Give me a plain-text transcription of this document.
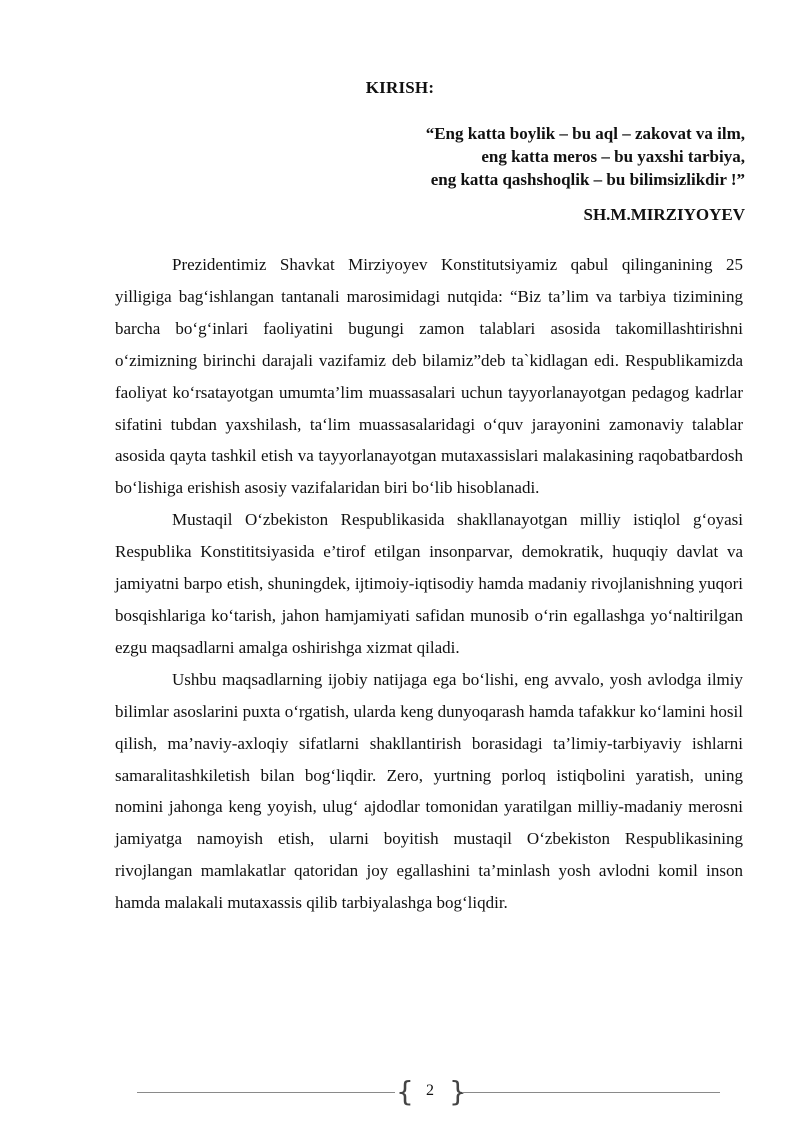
KIRISH:
“Eng katta boylik – bu aql – zakovat va ilm,
eng katta meros – bu yaxshi tarbiya,
eng katta qashshoqlik – bu bilimsizlikdir !”
SH.M.MIRZIYOYEV

Prezidentimiz Shavkat Mirziyoyev Konstitutsiyamiz qabul qilinganining 25 yilligiga bag‘ishlangan tantanali marosimidagi nutqida: “Biz ta’lim va tarbiya tizimining barcha bo‘g‘inlari faoliyatini bugungi zamon talablari asosida takomillashtirishni o‘zimizning birinchi darajali vazifamiz deb bilamiz”deb ta`kidlagan edi. Respublikamizda faoliyat ko‘rsatayotgan umumta’lim muassasalari uchun tayyorlanayotgan pedagog kadrlar sifatini tubdan yaxshilash, ta‘lim muassasalaridagi o‘quv jarayonini zamonaviy talablar asosida qayta tashkil etish va tayyorlanayotgan mutaxassislari malakasining raqobatbardosh bo‘lishiga erishish asosiy vazifalaridan biri bo‘lib hisoblanadi.

Mustaqil O‘zbekiston Respublikasida shakllanayotgan milliy istiqlol g‘oyasi Respublika Konstititsiyasida e’tirof etilgan insonparvar, demokratik, huquqiy davlat va jamiyatni barpo etish, shuningdek, ijtimoiy-iqtisodiy hamda madaniy rivojlanishning yuqori bosqishlariga ko‘tarish, jahon hamjamiyati safidan munosib o‘rin egallashga yo‘naltirilgan ezgu maqsadlarni amalga oshirishga xizmat qiladi.

Ushbu maqsadlarning ijobiy natijaga ega bo‘lishi, eng avvalo, yosh avlodga ilmiy bilimlar asoslarini puxta o‘rgatish, ularda keng dunyoqarash hamda tafakkur ko‘lamini hosil qilish, ma’naviy-axloqiy sifatlarni shakllantirish borasidagi ta’limiy-tarbiyaviy ishlarni samaralitashkiletish bilan bog‘liqdir. Zero, yurtning porloq istiqbolini yaratish, uning nomini jahonga keng yoyish, ulug‘ ajdodlar tomonidan yaratilgan milliy-madaniy merosni jamiyatga namoyish etish, ularni boyitish mustaqil O‘zbekiston Respublikasining rivojlangan mamlakatlar qatoridan joy egallashini ta’minlash yosh avlodni komil inson hamda malakali mutaxassis qilib tarbiyalashga bog‘liqdir.

{ 2 }
